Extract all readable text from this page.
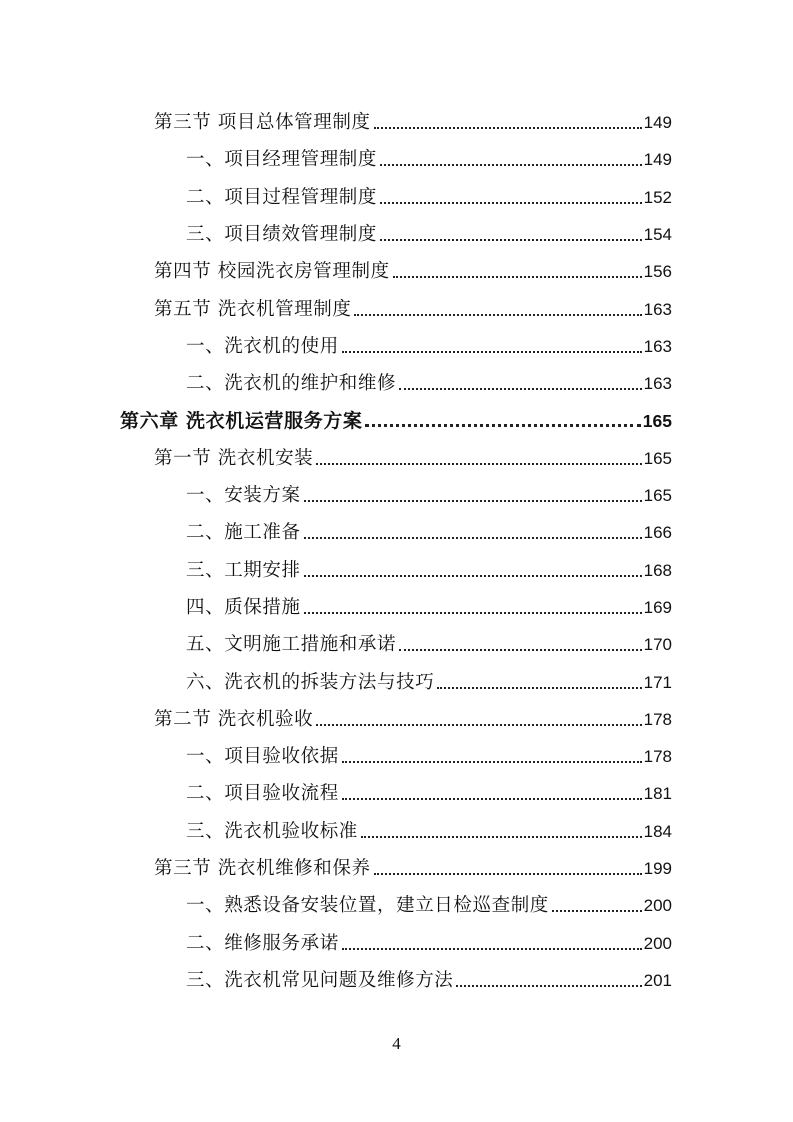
第三节 项目总体管理制度	149
一、项目经理管理制度	149
二、项目过程管理制度	152
三、项目绩效管理制度	154
第四节 校园洗衣房管理制度	156
第五节 洗衣机管理制度	163
一、洗衣机的使用	163
二、洗衣机的维护和维修	163
第六章 洗衣机运营服务方案	165
第一节 洗衣机安装	165
一、安装方案	165
二、施工准备	166
三、工期安排	168
四、质保措施	169
五、文明施工措施和承诺	170
六、洗衣机的拆装方法与技巧	171
第二节 洗衣机验收	178
一、项目验收依据	178
二、项目验收流程	181
三、洗衣机验收标准	184
第三节 洗衣机维修和保养	199
一、熟悉设备安装位置，建立日检巡查制度	200
二、维修服务承诺	200
三、洗衣机常见问题及维修方法	201
4
